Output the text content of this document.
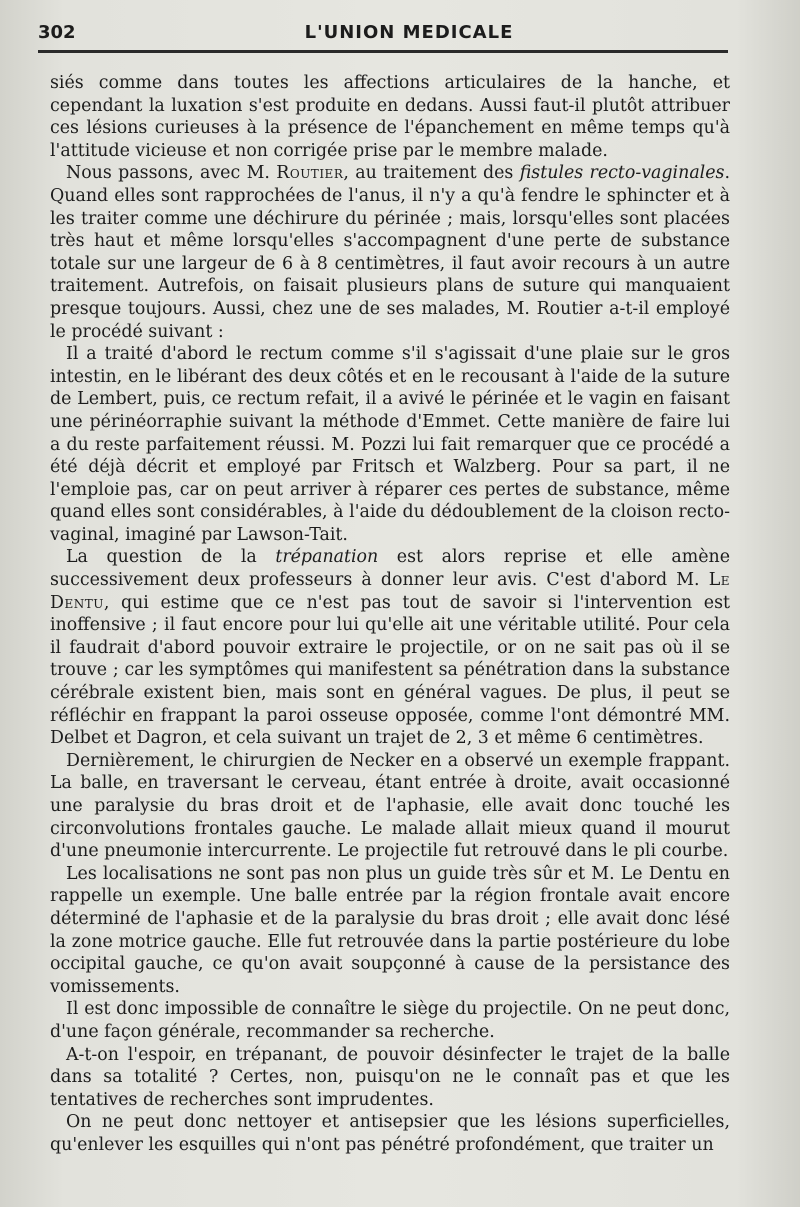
302	L'UNION MEDICALE

siés comme dans toutes les affections articulaires de la hanche, et cependant la luxation s'est produite en dedans. Aussi faut-il plutôt attribuer ces lésions curieuses à la présence de l'épanchement en même temps qu'à l'attitude vicieuse et non corrigée prise par le membre malade.

Nous passons, avec M. Routier, au traitement des fistules recto-vaginales. Quand elles sont rapprochées de l'anus, il n'y a qu'à fendre le sphincter et à les traiter comme une déchirure du périnée ; mais, lorsqu'elles sont placées très haut et même lorsqu'elles s'accompagnent d'une perte de substance totale sur une largeur de 6 à 8 centimètres, il faut avoir recours à un autre traitement. Autrefois, on faisait plusieurs plans de suture qui manquaient presque toujours. Aussi, chez une de ses malades, M. Routier a-t-il employé le procédé suivant :

Il a traité d'abord le rectum comme s'il s'agissait d'une plaie sur le gros intestin, en le libérant des deux côtés et en le recousant à l'aide de la suture de Lembert, puis, ce rectum refait, il a avivé le périnée et le vagin en faisant une périnéorraphie suivant la méthode d'Emmet. Cette manière de faire lui a du reste parfaitement réussi. M. Pozzi lui fait remarquer que ce procédé a été déjà décrit et employé par Fritsch et Walzberg. Pour sa part, il ne l'emploie pas, car on peut arriver à réparer ces pertes de substance, même quand elles sont considérables, à l'aide du dédoublement de la cloison recto-vaginal, imaginé par Lawson-Tait.

La question de la trépanation est alors reprise et elle amène successivement deux professeurs à donner leur avis. C'est d'abord M. Le Dentu, qui estime que ce n'est pas tout de savoir si l'intervention est inoffensive ; il faut encore pour lui qu'elle ait une véritable utilité. Pour cela il faudrait d'abord pouvoir extraire le projectile, or on ne sait pas où il se trouve ; car les symptômes qui manifestent sa pénétration dans la substance cérébrale existent bien, mais sont en général vagues. De plus, il peut se réfléchir en frappant la paroi osseuse opposée, comme l'ont démontré MM. Delbet et Dagron, et cela suivant un trajet de 2, 3 et même 6 centimètres.

Dernièrement, le chirurgien de Necker en a observé un exemple frappant. La balle, en traversant le cerveau, étant entrée à droite, avait occasionné une paralysie du bras droit et de l'aphasie, elle avait donc touché les circonvolutions frontales gauche. Le malade allait mieux quand il mourut d'une pneumonie intercurrente. Le projectile fut retrouvé dans le pli courbe.

Les localisations ne sont pas non plus un guide très sûr et M. Le Dentu en rappelle un exemple. Une balle entrée par la région frontale avait encore déterminé de l'aphasie et de la paralysie du bras droit ; elle avait donc lésé la zone motrice gauche. Elle fut retrouvée dans la partie postérieure du lobe occipital gauche, ce qu'on avait soupçonné à cause de la persistance des vomissements.

Il est donc impossible de connaître le siège du projectile. On ne peut donc, d'une façon générale, recommander sa recherche.

A-t-on l'espoir, en trépanant, de pouvoir désinfecter le trajet de la balle dans sa totalité ? Certes, non, puisqu'on ne le connaît pas et que les tentatives de recherches sont imprudentes.

On ne peut donc nettoyer et antisepsier que les lésions superficielles, qu'enlever les esquilles qui n'ont pas pénétré profondément, que traiter un
